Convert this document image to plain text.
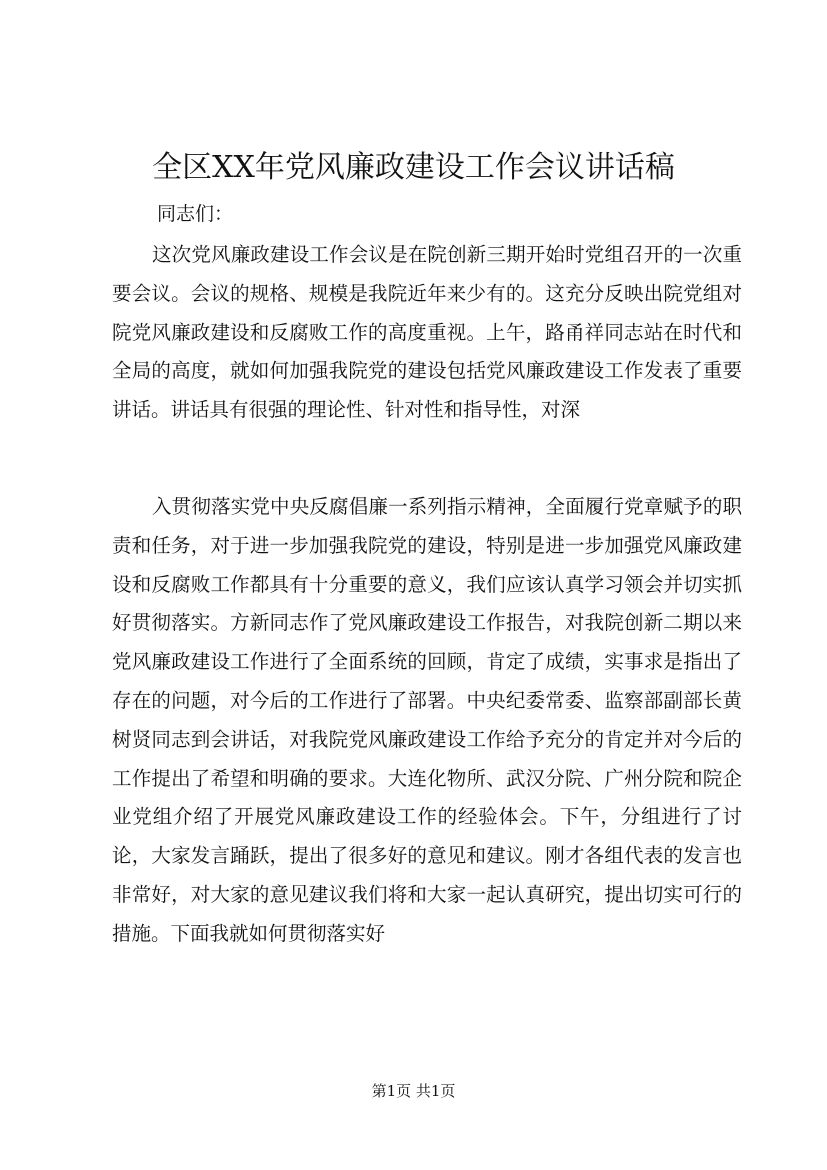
全区XX年党风廉政建设工作会议讲话稿

同志们：

这次党风廉政建设工作会议是在院创新三期开始时党组召开的一次重要会议。会议的规格、规模是我院近年来少有的。这充分反映出院党组对院党风廉政建设和反腐败工作的高度重视。上午，路甬祥同志站在时代和全局的高度，就如何加强我院党的建设包括党风廉政建设工作发表了重要讲话。讲话具有很强的理论性、针对性和指导性，对深

入贯彻落实党中央反腐倡廉一系列指示精神，全面履行党章赋予的职责和任务，对于进一步加强我院党的建设，特别是进一步加强党风廉政建设和反腐败工作都具有十分重要的意义，我们应该认真学习领会并切实抓好贯彻落实。方新同志作了党风廉政建设工作报告，对我院创新二期以来党风廉政建设工作进行了全面系统的回顾，肯定了成绩，实事求是指出了存在的问题，对今后的工作进行了部署。中央纪委常委、监察部副部长黄树贤同志到会讲话，对我院党风廉政建设工作给予充分的肯定并对今后的工作提出了希望和明确的要求。大连化物所、武汉分院、广州分院和院企业党组介绍了开展党风廉政建设工作的经验体会。下午，分组进行了讨论，大家发言踊跃，提出了很多好的意见和建议。刚才各组代表的发言也非常好，对大家的意见建议我们将和大家一起认真研究，提出切实可行的措施。下面我就如何贯彻落实好

第1页 共1页
